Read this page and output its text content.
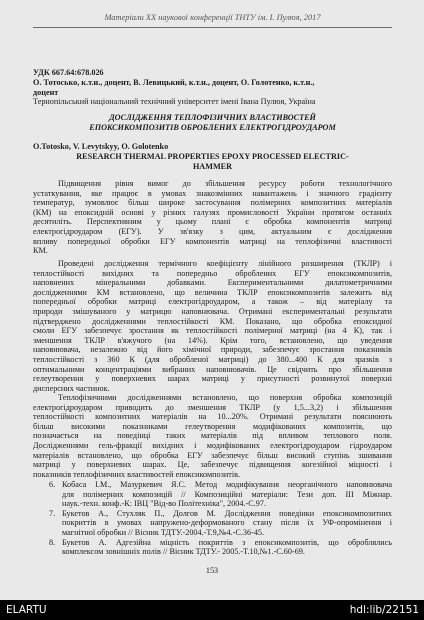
Матеріали XX наукової конференції ТНТУ ім. І. Пулюя, 2017
УДК 667.64:678.026
О. Тотосько, к.т.н., доцент, В. Левицький, к.т.н., доцент, О. Голотенко, к.т.н.,
доцент
Тернопільський національний технічний університет імені Івана Пулюя, Україна
ДОСЛІДЖЕННЯ ТЕПЛОФІЗИЧНИХ ВЛАСТИВОСТЕЙ
ЕПОКСИКОМПОЗИТІВ ОБРОБЛЕНИХ ЕЛЕКТРОГІДРОУДАРОМ
O.Totosko, V. Levytskyy, O. Golotenko
RESEARCH THERMAL PROPERTIES EPOXY PROCESSED ELECTRIC-
HAMMER
Підвищення рівня вимог до збільшення ресурсу роботи технологічного
устаткування, яке працює в умовах знакозмінних навантажень і значного градієнту
температур, зумовлює більш широке застосування полімерних композитних матеріалів
(КМ) на епоксидній основі у різних галузях промисловості України протягом останніх
десятиліть. Перспективним у цьому плані є обробка компонентів матриці
електрогідроударом (ЕГУ). У зв'язку з цим, актуальним є дослідження
впливу попередньої обробки ЕГУ компонентів матриці на теплофізичні властивості
КМ.
Проведені дослідження термічного коефіцієнту лінійного розширення (ТКЛР) і
теплостійкості вихідних та попередньо оброблених ЕГУ епоксикомпозитів,
наповнених мінеральними добавками. Експериментальними дилатометричними
дослідженнями КМ встановлено, що величина ТКЛР епоксикомпозитів залежить від
попередньої обробки матриці електрогідроударом, а також – від матеріалу та
природи змішуваного у матрицю наповнювача. Отримані експериментальні результати
підтверджено дослідженнями теплостійкості КМ. Показано, що обробка епоксидної
смоли ЕГУ забезпечує зростання як теплостійкості полімерної матриці (на 4 К), так і
зменшення ТКЛР в'яжучого (на 14%). Крім того, встановлено, що уведення
наповнювача, незалежно від його хімічної природи, забезпечує зростання показників
теплостійкості з 360 К (для обробленої матриці) до 380...400 К для зразків з
оптимальними концентраціями вибраних наповнювачів. Це свідчить про збільшення
гелеутворення у поверхневих шарах матриці у присутності розвинутої поверхні
дисперсних частинок.
Теплофізичними дослідженнями встановлено, що поверхня обробка композицій
електрогідроударом приводить до зменшення ТКЛР (у 1,5...3,2) і збільшення
теплостійкості композитних матеріалів на 10...20%. Отримані результати пояснюють
більш високими показниками гелеутворення модифікованих композитів, що
позначається на поведінці таких матеріалів під впливом теплового поля.
Дослідженнями гель-фракції вихідних і модифікованих електрогідроударом гідроударом
матеріалів встановлено, що обробка ЕГУ забезпечує більш високий ступінь зшивання
матриці у поверхневих шарах. Це, забезпечує підвищення когезійної міцності і
показників теплофізичних властивостей епоксикомпозитів.
6. Кобаса І.М., Мазуркевич Я.С. Метод модифікування неорганічного наповнювача
для полімерних композицій // Композиційні матеріали: Тези доп. III Міжнар.
наук.-техн. конф.-К: ІВЦ "Від-во Політехніка", 2004.-С.97.
7. Букетов А., Стухляк П., Долгов М. Дослідження поведінки епоксикомпозитних
покриттів в умовах напружено-деформованого стану після їх УФ-опромінення і
магнітної обробки // Вісник ТДТУ.-2004.-Т.9,№4.-С.36-45.
8. Букетов А. Адгезійна міцність покриттів з епоксикомпозитів, що оброблялись
комплексом зовнішніх полів // Вісник ТДТУ.- 2005.-Т.10,№1.-С.60-69.
153
ELARTU	hdl:lib/22151
